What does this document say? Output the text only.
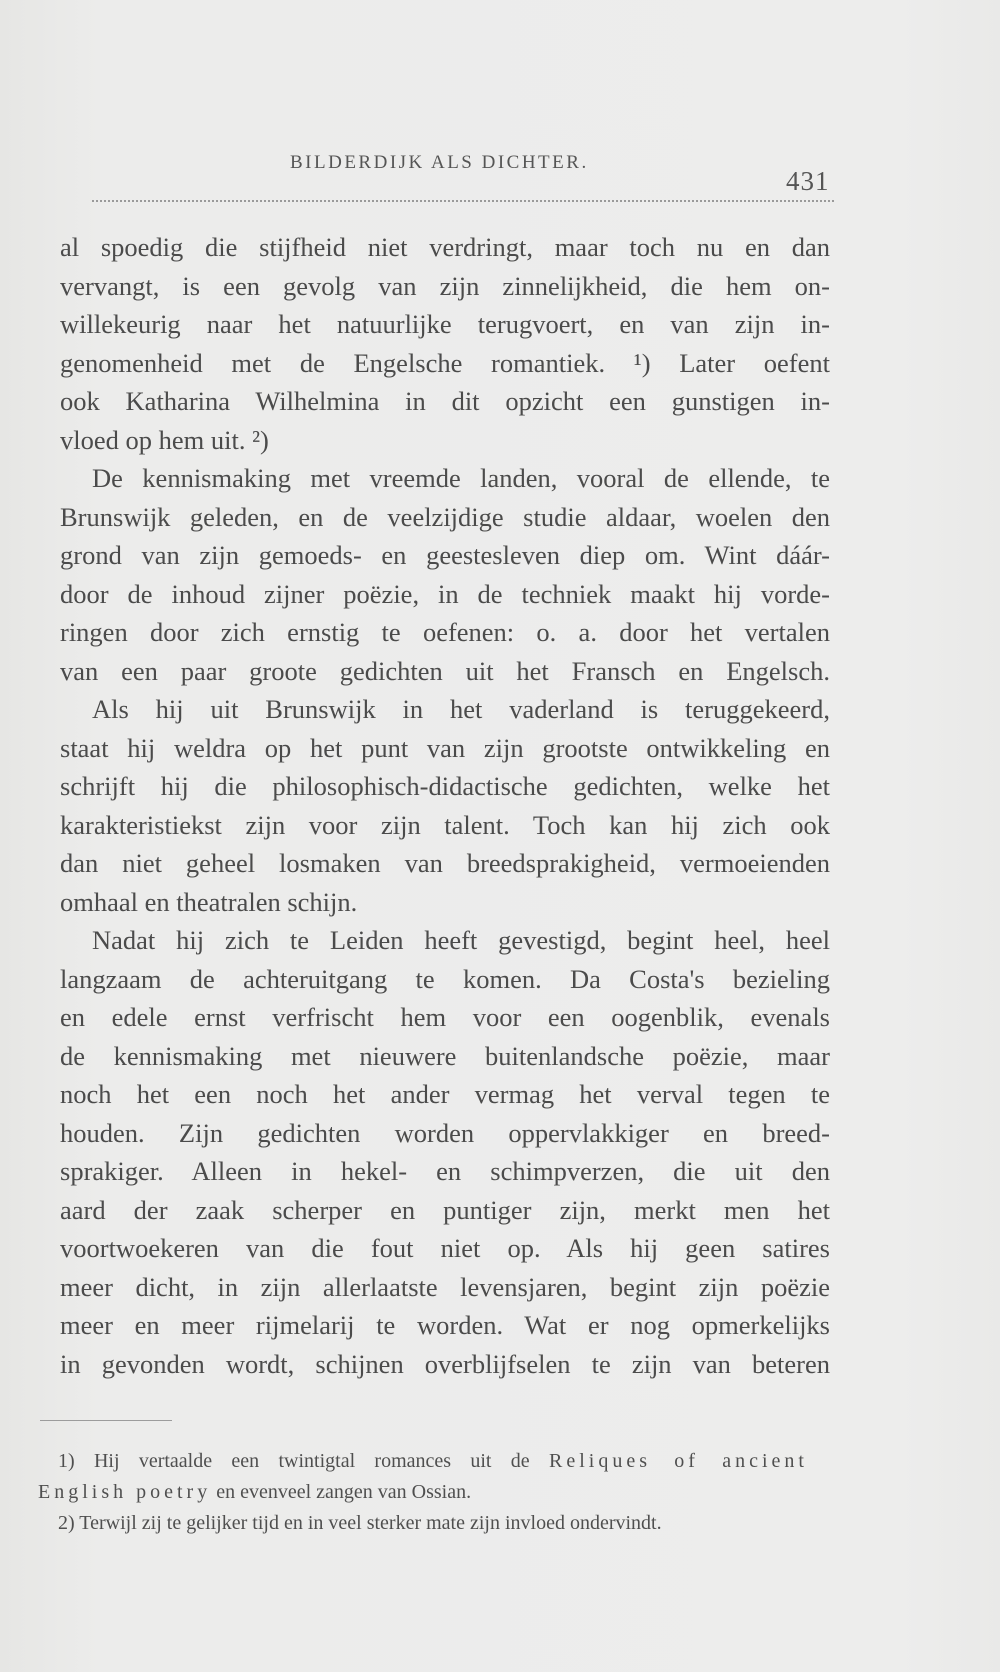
BILDERDIJK ALS DICHTER.
431
al spoedig die stijfheid niet verdringt, maar toch nu en dan
vervangt, is een gevolg van zijn zinnelijkheid, die hem on-
willekeurig naar het natuurlijke terugvoert, en van zijn in-
genomenheid met de Engelsche romantiek. ¹) Later oefent
ook Katharina Wilhelmina in dit opzicht een gunstigen in-
vloed op hem uit. ²)
De kennismaking met vreemde landen, vooral de ellende, te
Brunswijk geleden, en de veelzijdige studie aldaar, woelen den
grond van zijn gemoeds- en geestesleven diep om. Wint dáár-
door de inhoud zijner poëzie, in de techniek maakt hij vorde-
ringen door zich ernstig te oefenen: o. a. door het vertalen
van een paar groote gedichten uit het Fransch en Engelsch.
Als hij uit Brunswijk in het vaderland is teruggekeerd,
staat hij weldra op het punt van zijn grootste ontwikkeling en
schrijft hij die philosophisch-didactische gedichten, welke het
karakteristiekst zijn voor zijn talent. Toch kan hij zich ook
dan niet geheel losmaken van breedsprakigheid, vermoeienden
omhaal en theatralen schijn.
Nadat hij zich te Leiden heeft gevestigd, begint heel, heel
langzaam de achteruitgang te komen. Da Costa's bezieling
en edele ernst verfrischt hem voor een oogenblik, evenals
de kennismaking met nieuwere buitenlandsche poëzie, maar
noch het een noch het ander vermag het verval tegen te
houden. Zijn gedichten worden oppervlakkiger en breed-
sprakiger. Alleen in hekel- en schimpverzen, die uit den
aard der zaak scherper en puntiger zijn, merkt men het
voortwoekeren van die fout niet op. Als hij geen satires
meer dicht, in zijn allerlaatste levensjaren, begint zijn poëzie
meer en meer rijmelarij te worden. Wat er nog opmerkelijks
in gevonden wordt, schijnen overblijfselen te zijn van beteren
1) Hij vertaalde een twintigtal romances uit de Reliques of ancient
English poetry en evenveel zangen van Ossian.
2) Terwijl zij te gelijker tijd en in veel sterker mate zijn invloed ondervindt.
